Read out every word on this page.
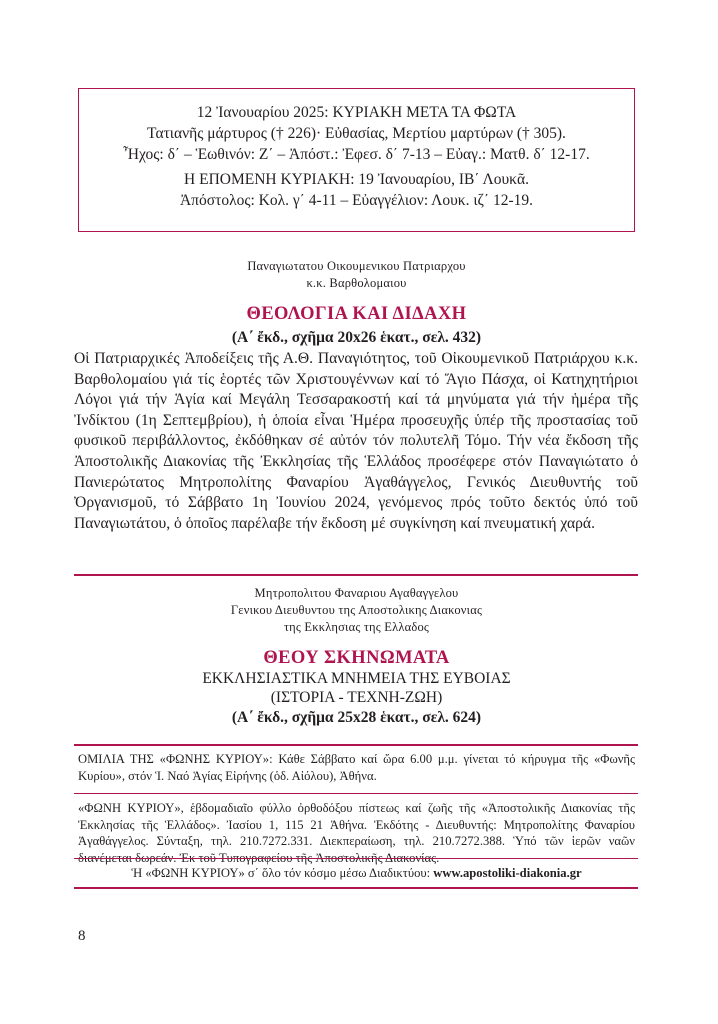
12 Ἰανουαρίου 2025: ΚΥΡΙΑΚΗ ΜΕΤΑ ΤΑ ΦΩΤΑ
Τατιανῆς μάρτυρος († 226)· Εὐθασίας, Μερτίου μαρτύρων († 305).
Ἦχος: δ΄ – Ἑωθινόν: Ζ΄ – Ἀπόστ.: Ἐφεσ. δ΄ 7-13 – Εὐαγ.: Ματθ. δ΄ 12-17.
Η ΕΠΟΜΕΝΗ ΚΥΡΙΑΚΗ: 19 Ἰανουαρίου, ΙΒ΄ Λουκᾶ.
Ἀπόστολος: Κολ. γ΄ 4-11 – Εὐαγγέλιον: Λουκ. ιζ΄ 12-19.
Παναγιωτατου Οικουμενικου Πατριαρχου
κ.κ. Βαρθολομαιου
ΘΕΟΛΟΓΙΑ ΚΑΙ ΔΙΔΑΧΗ
(Α΄ ἔκδ., σχῆμα 20x26 ἑκατ., σελ. 432)

Οἱ Πατριαρχικές Ἀποδείξεις τῆς Α.Θ. Παναγιότητος, τοῦ Οἰκουμενικοῦ Πατριάρχου κ.κ. Βαρθολομαίου γιά τίς ἑορτές τῶν Χριστουγέννων καί τό Ἅγιο Πάσχα, οἱ Κατηχητήριοι Λόγοι γιά τήν Ἁγία καί Μεγάλη Τεσσαρακοστή καί τά μηνύματα γιά τήν ἡμέρα τῆς Ἰνδίκτου (1η Σεπτεμβρίου), ἡ ὁποία εἶναι Ἡμέρα προσευχῆς ὑπέρ τῆς προστασίας τοῦ φυσικοῦ περιβάλλοντος, ἐκδόθηκαν σέ αὐτόν τόν πολυτελῆ Τόμο. Τήν νέα ἔκδοση τῆς Ἀποστολικῆς Διακονίας τῆς Ἐκκλησίας τῆς Ἑλλάδος προσέφερε στόν Παναγιώτατο ὁ Πανιερώτατος Μητροπολίτης Φαναρίου Ἀγαθάγγελος, Γενικός Διευθυντής τοῦ Ὀργανισμοῦ, τό Σάββατο 1η Ἰουνίου 2024, γενόμενος πρός τοῦτο δεκτός ὑπό τοῦ Παναγιωτάτου, ὁ ὁποῖος παρέλαβε τήν ἔκδοση μέ συγκίνηση καί πνευματική χαρά.

Μητροπολιτου Φαναριου Αγαθαγγελου
Γενικου Διευθυντου της Αποστολικης Διακονιας
της Εκκλησιας της Ελλαδος
ΘΕΟΥ ΣΚΗΝΩΜΑΤΑ
ΕΚΚΛΗΣΙΑΣΤΙΚΑ ΜΝΗΜΕΙΑ ΤΗΣ ΕΥΒΟΙΑΣ
(ΙΣΤΟΡΙΑ - ΤΕΧΝΗ-ΖΩΗ)
(Α΄ ἔκδ., σχῆμα 25x28 ἑκατ., σελ. 624)

ΟΜΙΛΙΑ ΤΗΣ «ΦΩΝΗΣ ΚΥΡΙΟΥ»: Κάθε Σάββατο καί ὥρα 6.00 μ.μ. γίνεται τό κήρυγμα τῆς «Φωνῆς Κυρίου», στόν Ἱ. Ναό Ἁγίας Εἰρήνης (ὁδ. Αἰόλου), Ἀθήνα.

«ΦΩΝΗ ΚΥΡΙΟΥ», ἑβδομαδιαῖο φύλλο ὀρθοδόξου πίστεως καί ζωῆς τῆς «Ἀποστολικῆς Διακονίας τῆς Ἐκκλησίας τῆς Ἑλλάδος». Ἰασίου 1, 115 21 Ἀθήνα. Ἐκδότης - Διευθυντής: Μητροπολίτης Φαναρίου Ἀγαθάγγελος. Σύνταξη, τηλ. 210.7272.331. Διεκπεραίωση, τηλ. 210.7272.388. Ὑπό τῶν ἱερῶν ναῶν διανέμεται δωρεάν. Ἐκ τοῦ Τυπογραφείου τῆς Ἀποστολικῆς Διακονίας.

Ἡ «ΦΩΝΗ ΚΥΡΙΟΥ» σ΄ ὅλο τόν κόσμο μέσω Διαδικτύου: www.apostoliki-diakonia.gr

8
